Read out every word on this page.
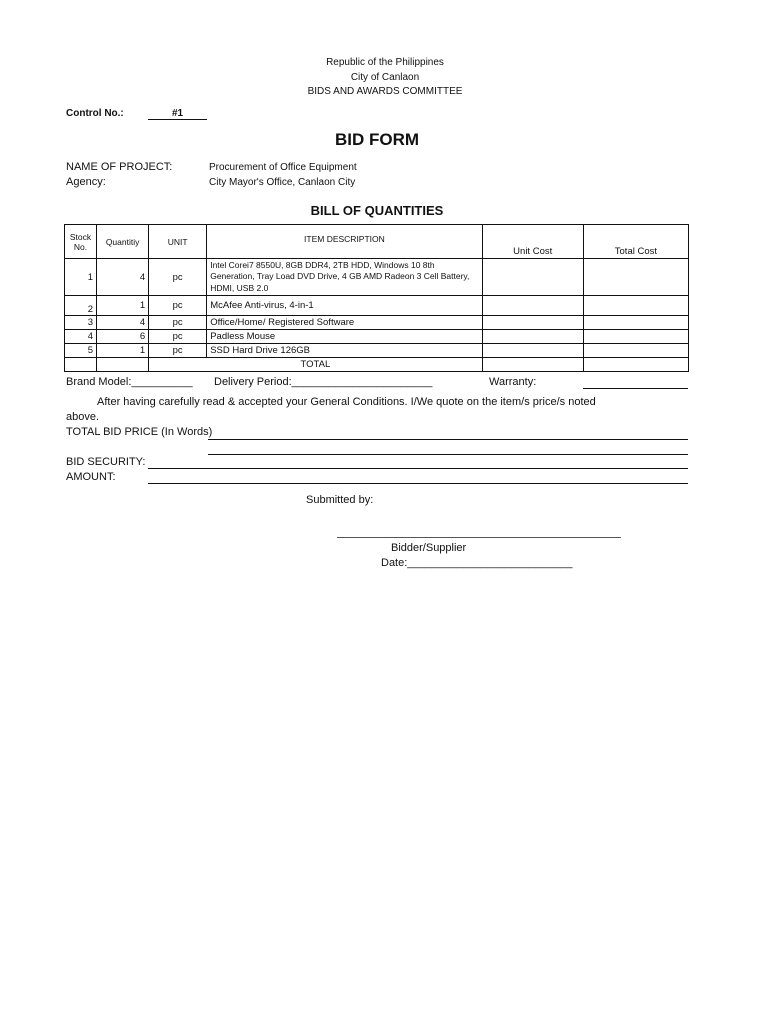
Republic of the Philippines
City of Canlaon
BIDS AND AWARDS COMMITTEE
Control No.:	#1
BID FORM
NAME OF PROJECT:	Procurement of Office Equipment
Agency:	City Mayor's Office, Canlaon City
BILL OF QUANTITIES
Stock No.	Quantitiy	UNIT	ITEM DESCRIPTION	Unit Cost	Total Cost
1	4	pc	Intel Corei7 8550U, 8GB DDR4, 2TB HDD, Windows 10 8th Generation, Tray Load DVD Drive, 4 GB AMD Radeon 3 Cell Battery, HDMI, USB 2.0		
2	1	pc	McAfee Anti-virus, 4-in-1		
3	4	pc	Office/Home/ Registered Software		
4	6	pc	Padless Mouse		
5	1	pc	SSD Hard Drive 126GB		
		TOTAL			
Brand Model:__________ Delivery Period:_______________________	Warranty:
After having carefully read & accepted your General Conditions. I/We quote on the item/s price/s noted
above.
TOTAL BID PRICE (In Words)
BID SECURITY:
AMOUNT:
Submitted by:
Bidder/Supplier
Date:___________________________
